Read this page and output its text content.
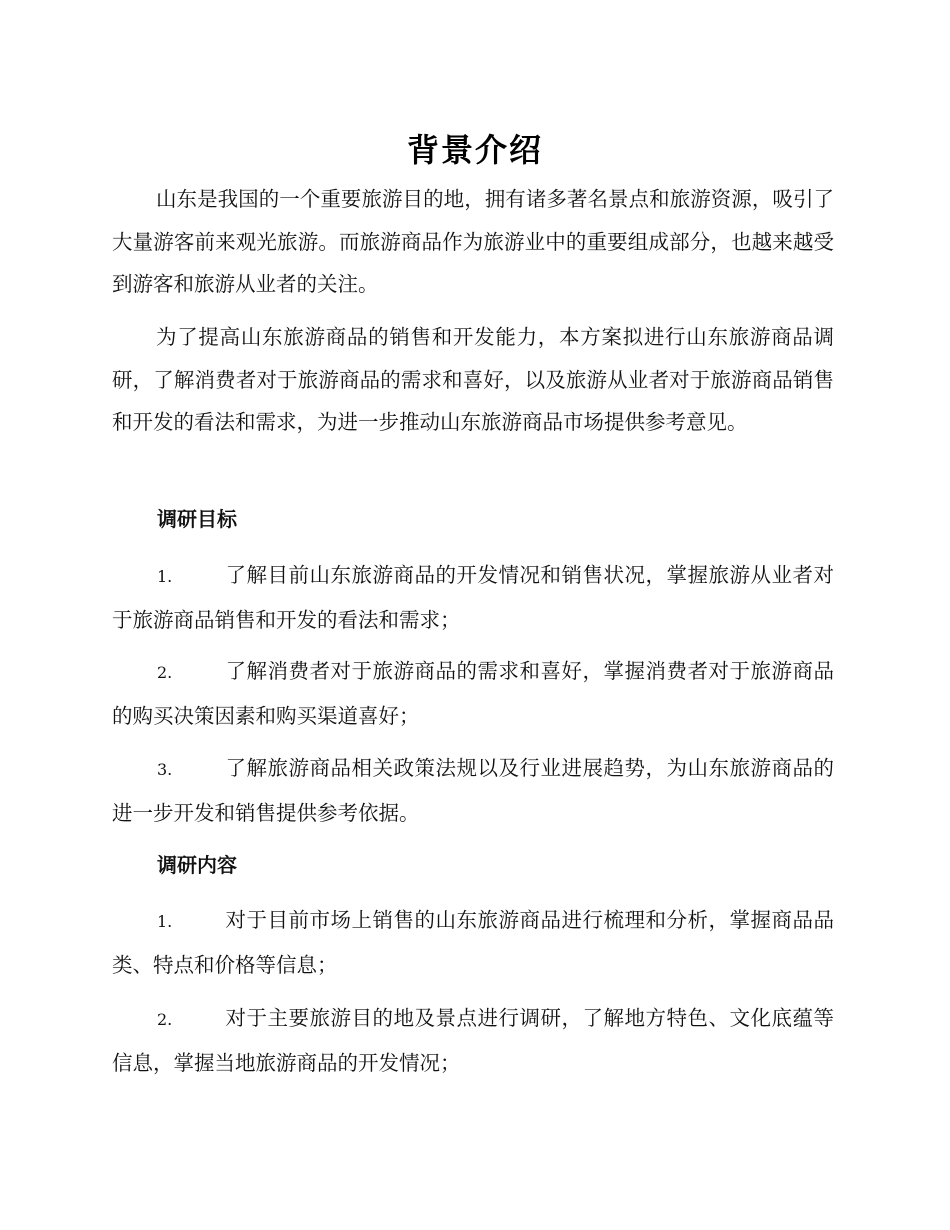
背景介绍

山东是我国的一个重要旅游目的地，拥有诸多著名景点和旅游资源，吸引了大量游客前来观光旅游。而旅游商品作为旅游业中的重要组成部分，也越来越受到游客和旅游从业者的关注。

为了提高山东旅游商品的销售和开发能力，本方案拟进行山东旅游商品调研，了解消费者对于旅游商品的需求和喜好，以及旅游从业者对于旅游商品销售和开发的看法和需求，为进一步推动山东旅游商品市场提供参考意见。

调研目标

1.	了解目前山东旅游商品的开发情况和销售状况，掌握旅游从业者对于旅游商品销售和开发的看法和需求；

2.	了解消费者对于旅游商品的需求和喜好，掌握消费者对于旅游商品的购买决策因素和购买渠道喜好；

3.	了解旅游商品相关政策法规以及行业进展趋势，为山东旅游商品的进一步开发和销售提供参考依据。

调研内容

1.	对于目前市场上销售的山东旅游商品进行梳理和分析，掌握商品品类、特点和价格等信息；

2.	对于主要旅游目的地及景点进行调研，了解地方特色、文化底蕴等信息，掌握当地旅游商品的开发情况；
